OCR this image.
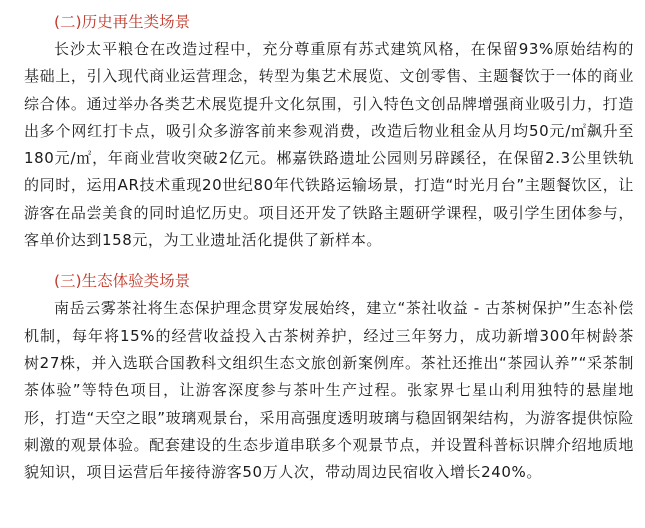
(二)历史再生类场景

长沙太平粮仓在改造过程中，充分尊重原有苏式建筑风格，在保留93%原始结构的基础上，引入现代商业运营理念，转型为集艺术展览、文创零售、主题餐饮于一体的商业综合体。通过举办各类艺术展览提升文化氛围，引入特色文创品牌增强商业吸引力，打造出多个网红打卡点，吸引众多游客前来参观消费，改造后物业租金从月均50元/㎡飙升至180元/㎡，年商业营收突破2亿元。郴嘉铁路遗址公园则另辟蹊径，在保留2.3公里铁轨的同时，运用AR技术重现20世纪80年代铁路运输场景，打造“时光月台”主题餐饮区，让游客在品尝美食的同时追忆历史。项目还开发了铁路主题研学课程，吸引学生团体参与，客单价达到158元，为工业遗址活化提供了新样本。

(三)生态体验类场景

南岳云雾茶社将生态保护理念贯穿发展始终，建立“茶社收益 - 古茶树保护”生态补偿机制，每年将15%的经营收益投入古茶树养护，经过三年努力，成功新增300年树龄茶树27株，并入选联合国教科文组织生态文旅创新案例库。茶社还推出“茶园认养”“采茶制茶体验”等特色项目，让游客深度参与茶叶生产过程。张家界七星山利用独特的悬崖地形，打造“天空之眼”玻璃观景台，采用高强度透明玻璃与稳固钢架结构，为游客提供惊险刺激的观景体验。配套建设的生态步道串联多个观景节点，并设置科普标识牌介绍地质地貌知识，项目运营后年接待游客50万人次，带动周边民宿收入增长240%。
